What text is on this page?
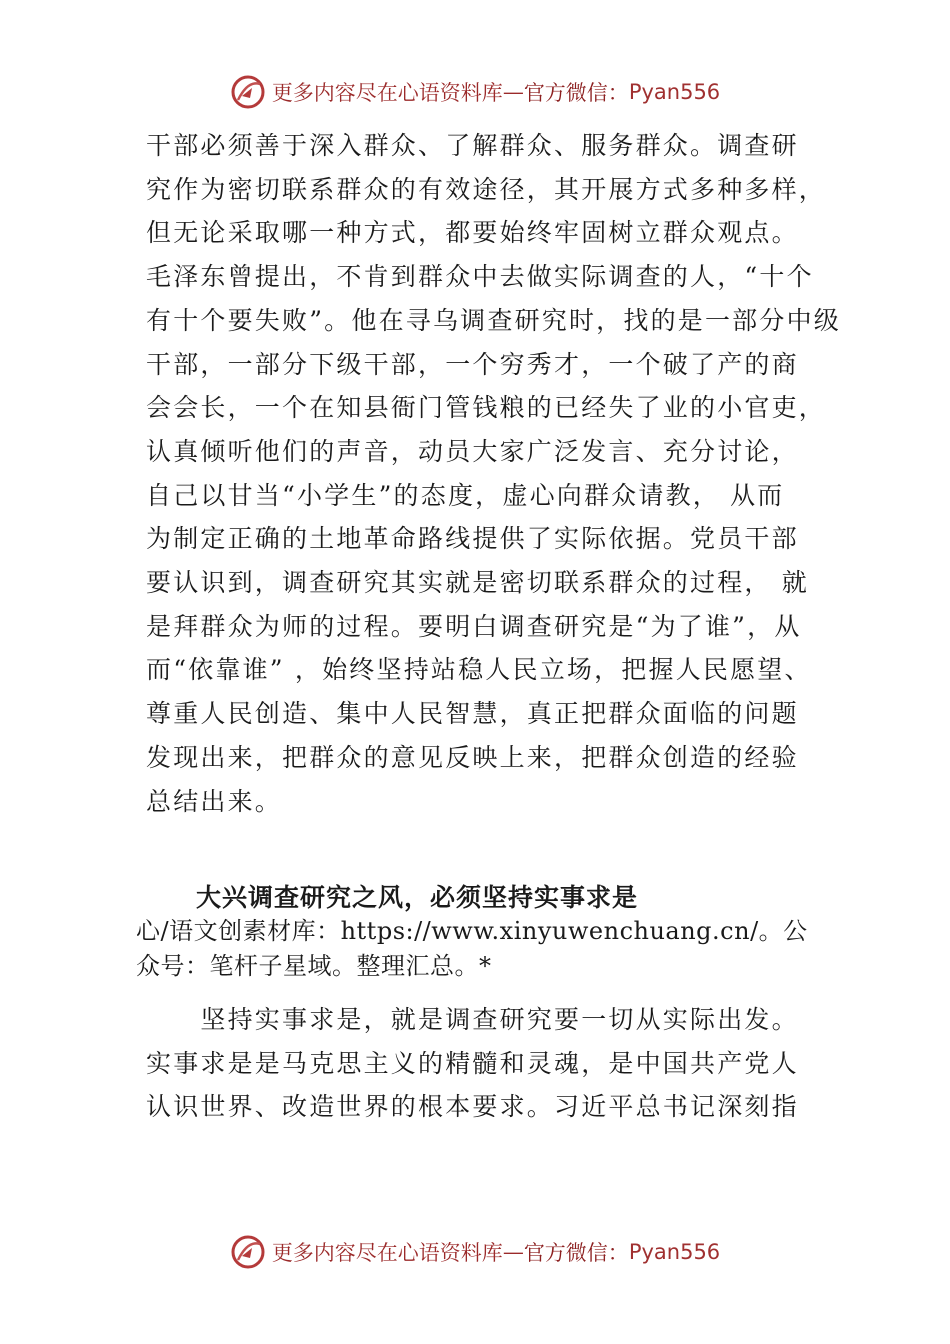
更多内容尽在心语资料库 — 官方微信： Pyan556
干部必须善于深入群众、了解群众、服务群众。调查研
究作为密切联系群众的有效途径，其开展方式多种多样，
但无论采取哪一种方式，都要始终牢固树立群众观点。
毛泽东曾提出，不肯到群众中去做实际调查的人，“十个
有十个要失败”。他在寻乌调查研究时，找的是一部分中级
干部，一部分下级干部，一个穷秀才，一个破了产的商
会会长，一个在知县衙门管钱粮的已经失了业的小官吏，
认真倾听他们的声音，动员大家广泛发言、充分讨论，
自己以甘当“小学生”的态度，虚心向群众请教， 从而
为制定正确的土地革命路线提供了实际依据。党员干部
要认识到，调查研究其实就是密切联系群众的过程， 就
是拜群众为师的过程。要明白调查研究是“为了谁”，从
而“依靠谁” ，始终坚持站稳人民立场，把握人民愿望、
尊重人民创造、集中人民智慧，真正把群众面临的问题
发现出来，把群众的意见反映上来，把群众创造的经验
总结出来。
大兴调查研究之风，必须坚持实事求是
心/语文创素材库：https://www.xinyuwenchuang.cn/。公
众号：笔杆子星域。整理汇总。*
　　坚持实事求是，就是调查研究要一切从实际出发。
实事求是是马克思主义的精髓和灵魂，是中国共产党人
认识世界、改造世界的根本要求。习近平总书记深刻指
更多内容尽在心语资料库 — 官方微信： Pyan556
